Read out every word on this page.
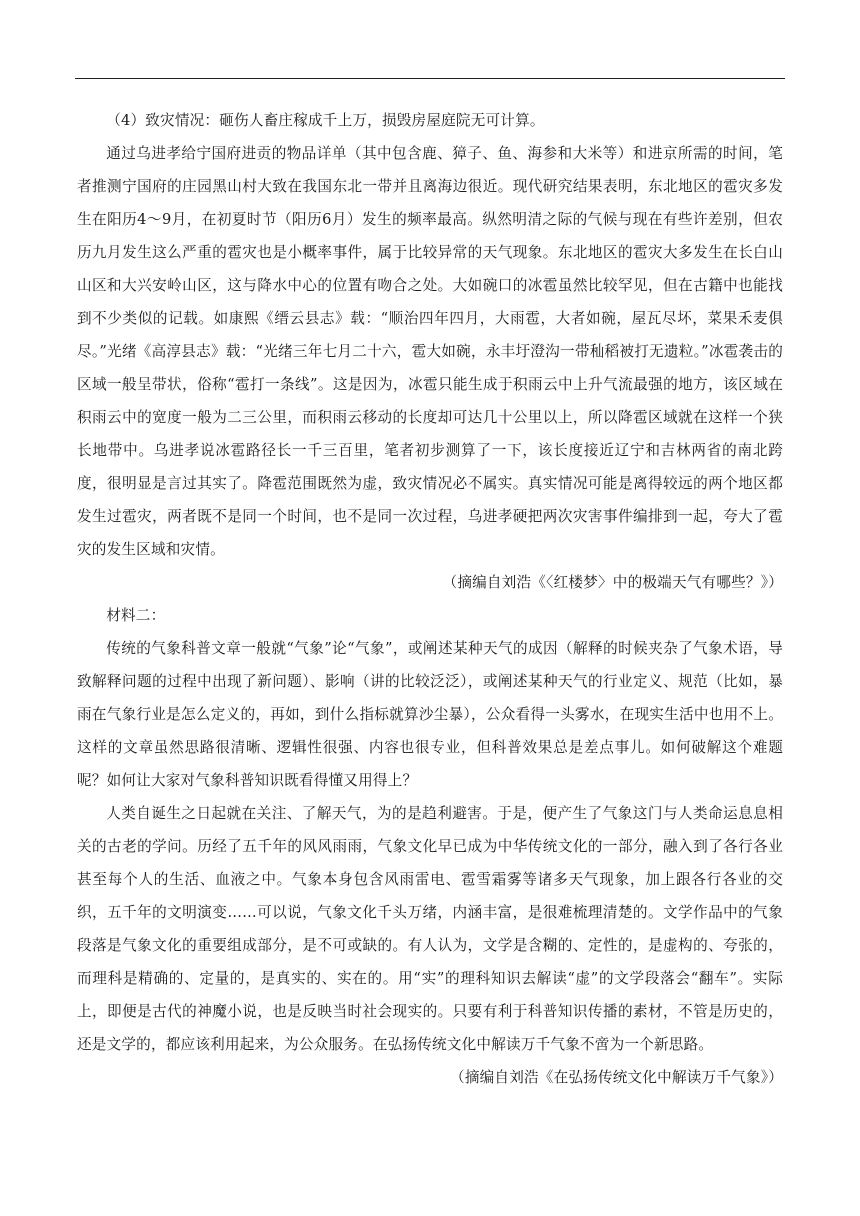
（4）致灾情况：砸伤人畜庄稼成千上万，损毁房屋庭院无可计算。

通过乌进孝给宁国府进贡的物品详单（其中包含鹿、獐子、鱼、海参和大米等）和进京所需的时间，笔者推测宁国府的庄园黑山村大致在我国东北一带并且离海边很近。现代研究结果表明，东北地区的雹灾多发生在阳历4～9月，在初夏时节（阳历6月）发生的频率最高。纵然明清之际的气候与现在有些许差别，但农历九月发生这么严重的雹灾也是小概率事件，属于比较异常的天气现象。东北地区的雹灾大多发生在长白山山区和大兴安岭山区，这与降水中心的位置有吻合之处。大如碗口的冰雹虽然比较罕见，但在古籍中也能找到不少类似的记载。如康熙《缙云县志》载：“顺治四年四月，大雨雹，大者如碗，屋瓦尽坏，菜果禾麦俱尽。”光绪《高淳县志》载：“光绪三年七月二十六，雹大如碗，永丰圩澄沟一带秈稻被打无遗粒。”冰雹袭击的区域一般呈带状，俗称“雹打一条线”。这是因为，冰雹只能生成于积雨云中上升气流最强的地方，该区域在积雨云中的宽度一般为二三公里，而积雨云移动的长度却可达几十公里以上，所以降雹区域就在这样一个狭长地带中。乌进孝说冰雹路径长一千三百里，笔者初步测算了一下，该长度接近辽宁和吉林两省的南北跨度，很明显是言过其实了。降雹范围既然为虚，致灾情况必不属实。真实情况可能是离得较远的两个地区都发生过雹灾，两者既不是同一个时间，也不是同一次过程，乌进孝硬把两次灾害事件编排到一起，夸大了雹灾的发生区域和灾情。

（摘编自刘浩《〈红楼梦〉中的极端天气有哪些？》）

材料二：

传统的气象科普文章一般就“气象”论“气象”，或阐述某种天气的成因（解释的时候夹杂了气象术语，导致解释问题的过程中出现了新问题）、影响（讲的比较泛泛），或阐述某种天气的行业定义、规范（比如，暴雨在气象行业是怎么定义的，再如，到什么指标就算沙尘暴），公众看得一头雾水，在现实生活中也用不上。这样的文章虽然思路很清晰、逻辑性很强、内容也很专业，但科普效果总是差点事儿。如何破解这个难题呢？如何让大家对气象科普知识既看得懂又用得上？

人类自诞生之日起就在关注、了解天气，为的是趋利避害。于是，便产生了气象这门与人类命运息息相关的古老的学问。历经了五千年的风风雨雨，气象文化早已成为中华传统文化的一部分，融入到了各行各业甚至每个人的生活、血液之中。气象本身包含风雨雷电、雹雪霜雾等诸多天气现象，加上跟各行各业的交织，五千年的文明演变……可以说，气象文化千头万绪，内涵丰富，是很难梳理清楚的。文学作品中的气象段落是气象文化的重要组成部分，是不可或缺的。有人认为，文学是含糊的、定性的，是虚构的、夸张的，而理科是精确的、定量的，是真实的、实在的。用“实”的理科知识去解读“虚”的文学段落会“翻车”。实际上，即便是古代的神魔小说，也是反映当时社会现实的。只要有利于科普知识传播的素材，不管是历史的，还是文学的，都应该利用起来，为公众服务。在弘扬传统文化中解读万千气象不啻为一个新思路。

（摘编自刘浩《在弘扬传统文化中解读万千气象》）
